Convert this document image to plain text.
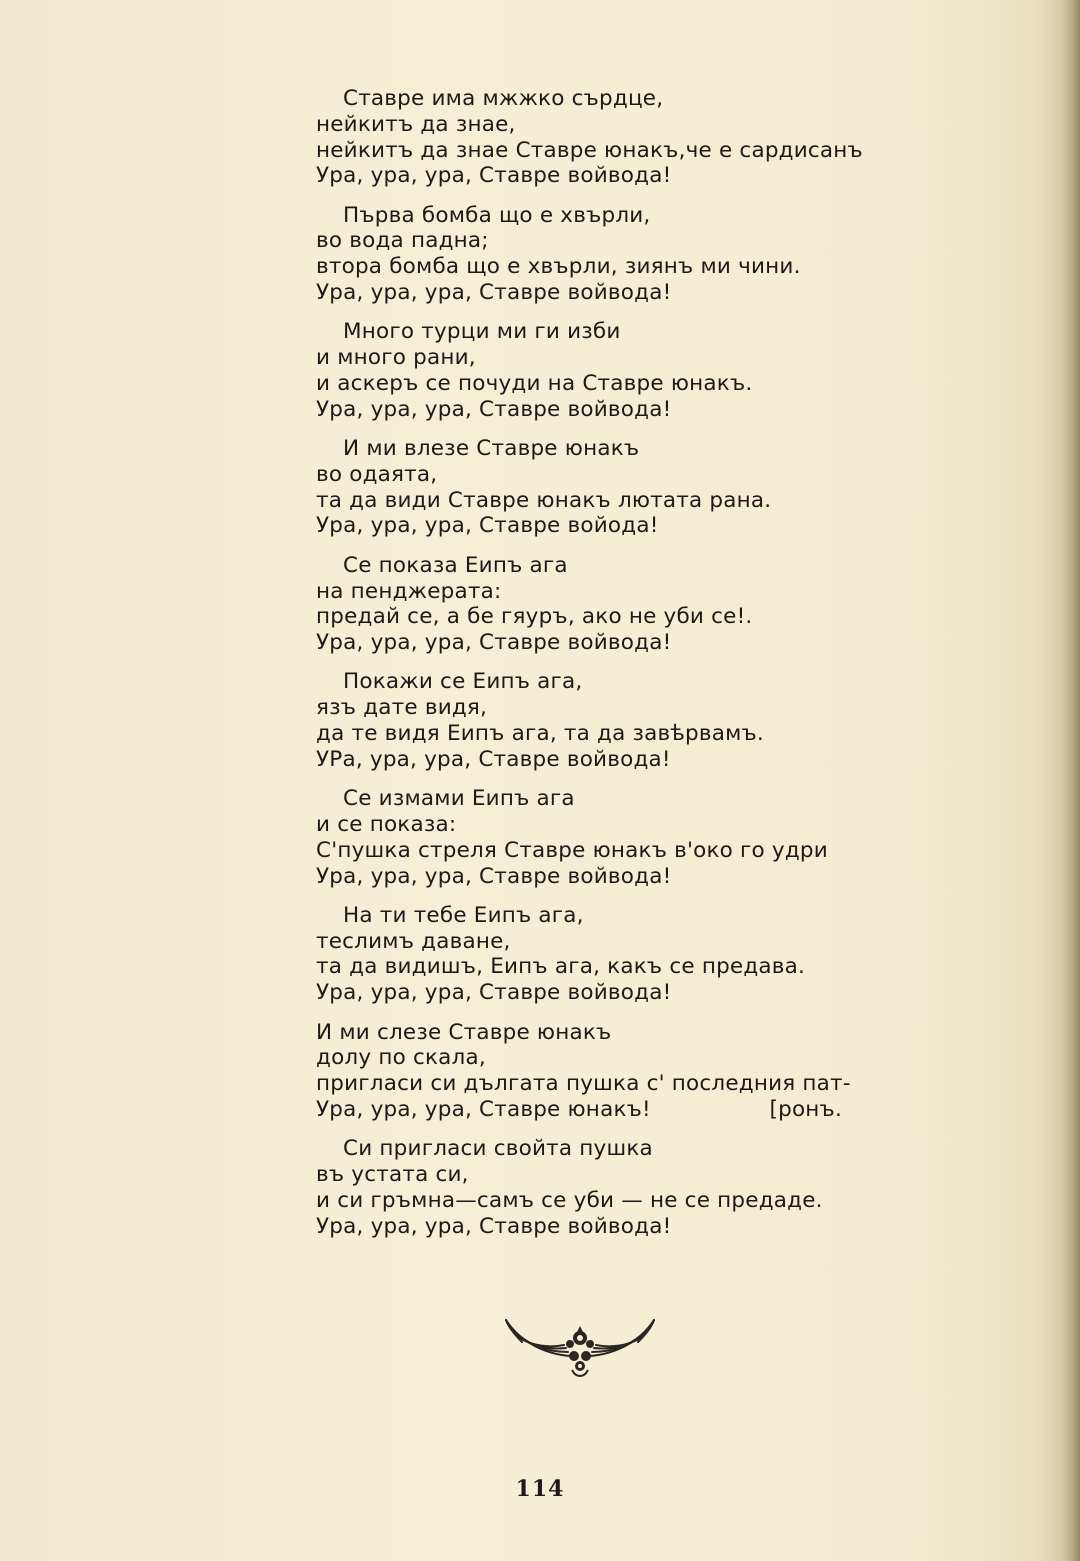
Ставре има мжжко сърдце,
нейкитъ да знае,
нейкитъ да знае Ставре юнакъ,че е сардисанъ
Ура, ура, ура, Ставре войвода!
Първа бомба що е хвърли,
во вода падна;
втора бомба що е хвърли, зиянъ ми чини.
Ура, ура, ура, Ставре войвода!
Много турци ми ги изби
и много рани,
и аскеръ се почуди на Ставре юнакъ.
Ура, ура, ура, Ставре войвода!
И ми влезе Ставре юнакъ
во одаята,
та да види Ставре юнакъ лютата рана.
Ура, ура, ура, Ставре войода!
Се показа Еипъ ага
на пенджерата:
предай се, а бе гяуръ, ако не уби се!.
Ура, ура, ура, Ставре войвода!
Покажи се Еипъ ага,
язъ дате видя,
да те видя Еипъ ага, та да завѣрвамъ.
УРа, ура, ура, Ставре войвода!
Се измами Еипъ ага
и се показа:
С'пушка стреля Ставре юнакъ в'око го удри
Ура, ура, ура, Ставре войвода!
На ти тебе Еипъ ага,
теслимъ даване,
та да видишъ, Еипъ ага, какъ се предава.
Ура, ура, ура, Ставре войвода!
И ми слезе Ставре юнакъ
долу по скала,
пригласи си дългата пушка с' последния пат-
Ура, ура, ура, Ставре юнакъ!	[ронъ.
Си пригласи свойта пушка
въ устата си,
и си гръмна—самъ се уби — не се предаде.
Ура, ура, ура, Ставре войвода!
114
